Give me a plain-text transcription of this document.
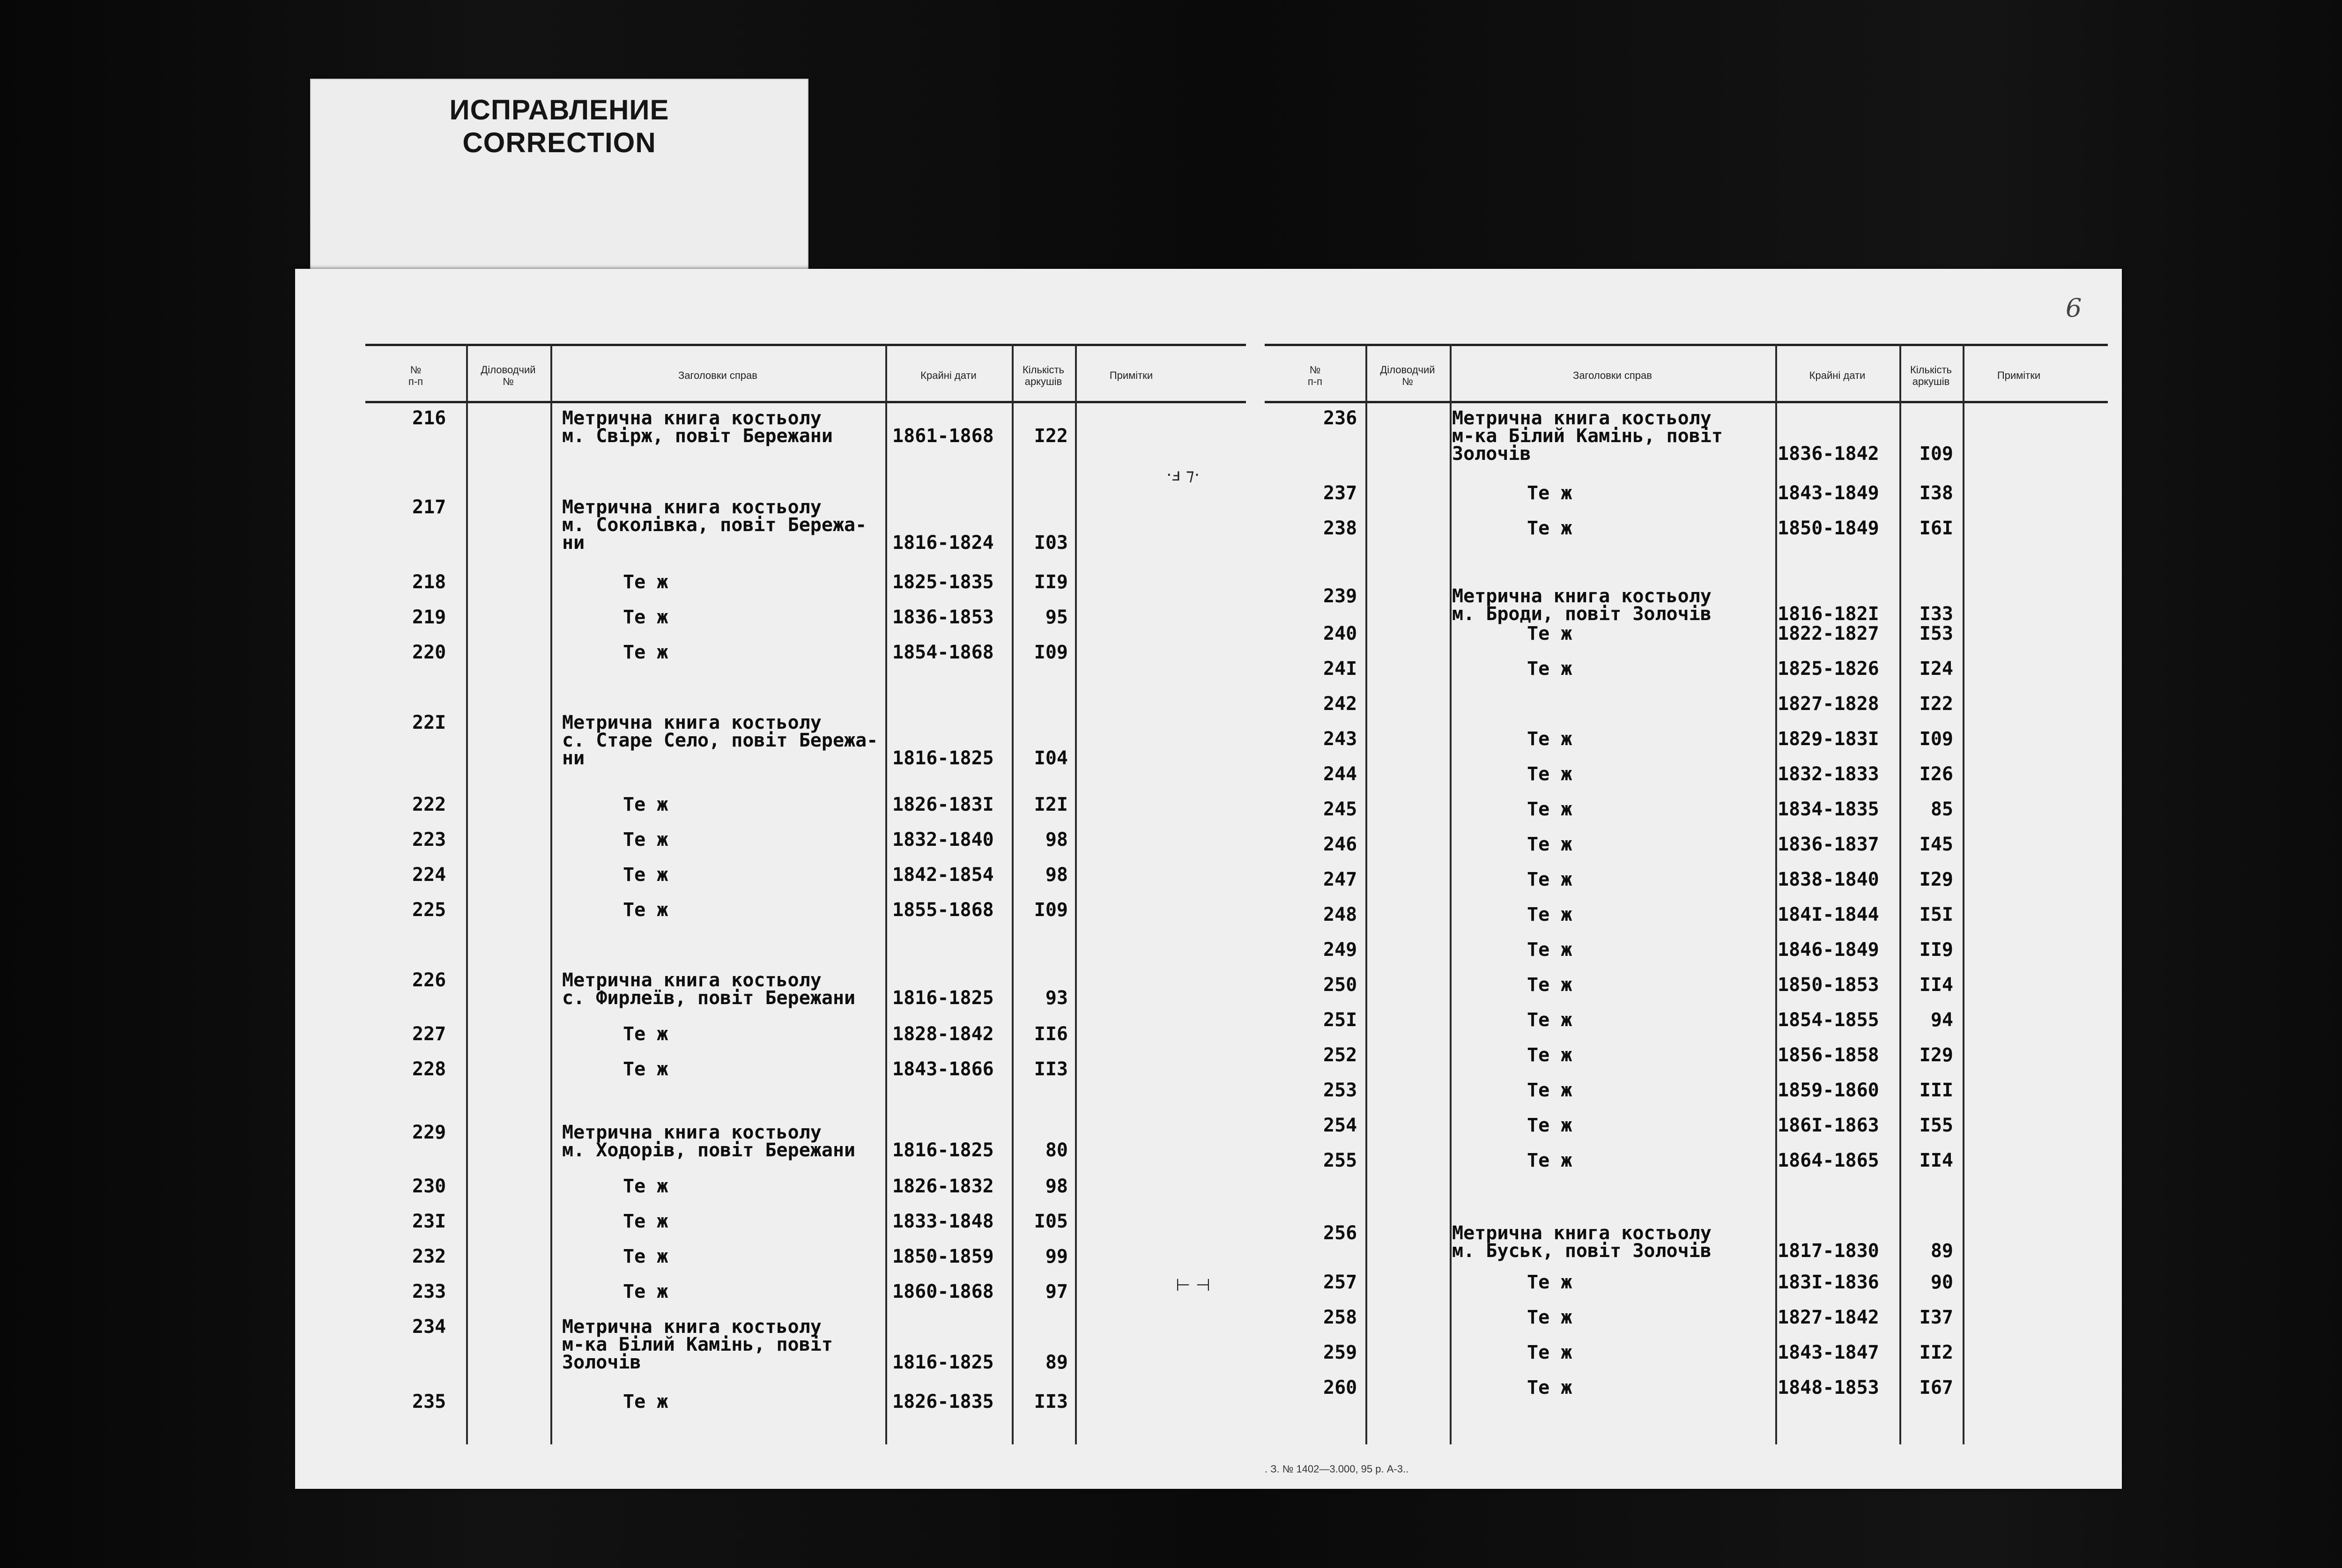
ИСПРАВЛЕНИЕ
CORRECTION
6
№
п-п
Діловодчий
№
Заголовки справ	Крайні дати
Кількість
аркушів
Примітки
216	Метрична книга костьолу
м. Свірж, повіт Бережани	1861-1868	I22
217	Метрична книга костьолу
м. Соколівка, повіт Бережа-
ни	1816-1824	I03
218	Те ж	1825-1835	II9
219	Те ж	1836-1853	95
220	Те ж	1854-1868	I09
22I	Метрична книга костьолу
с. Старе Село, повіт Бережа-
ни	1816-1825	I04
222	Те ж	1826-183I	I2I
223	Те ж	1832-1840	98
224	Те ж	1842-1854	98
225	Те ж	1855-1868	I09
226	Метрична книга костьолу
с. Фирлеїв, повіт Бережани 1816-1825	93
227	Те ж	1828-1842	II6
228	Те ж	1843-1866	II3
229	Метрична книга костьолу
м. Ходорів, повіт Бережани 1816-1825	80
230	Те ж	1826-1832	98
23I	Те ж	1833-1848	I05
232	Те ж	1850-1859	99
233	Те ж	1860-1868	97
234	Метрична книга костьолу
м-ка Білий Камінь, повіт
Золочів	1816-1825	89
235	Те ж	1826-1835	II3
№
п-п
Діловодчий
№
Заголовки справ	Крайні дати
Кількість
аркушів
Примітки
236	Метрична книга костьолу
м-ка Білий Камінь, повіт
Золочів	1836-1842	I09
237	Те ж	1843-1849	I38
238	Те ж	1850-1849	I6I
239	Метрична книга костьолу
м. Броди, повіт Золочів	1816-182I	I33
240	Те ж	1822-1827	I53
24I	Те ж	1825-1826	I24
242	1827-1828	I22
243	Те ж	1829-183I	I09
244	Те ж	1832-1833	I26
245	Те ж	1834-1835	85
246	Те ж	1836-1837	I45
247	Те ж	1838-1840	I29
248	Те ж	184I-1844	I5I
249	Те ж	1846-1849	II9
250	Те ж	1850-1853	II4
25I	Те ж	1854-1855	94
252	Те ж	1856-1858	I29
253	Те ж	1859-1860	III
254	Те ж	186I-1863	I55
255	Те ж	1864-1865	II4
256	Метрична книга костьолу
м. Буськ, повіт Золочів	1817-1830	89
257	Те ж	183I-1836	90
258	Те ж	1827-1842	I37
259	Те ж	1843-1847	II2
260	Те ж	1848-1853	I67
·ⅎ ⁊·
⊢ ⊣
. З. № 1402—3.000, 95 р. А-3..
